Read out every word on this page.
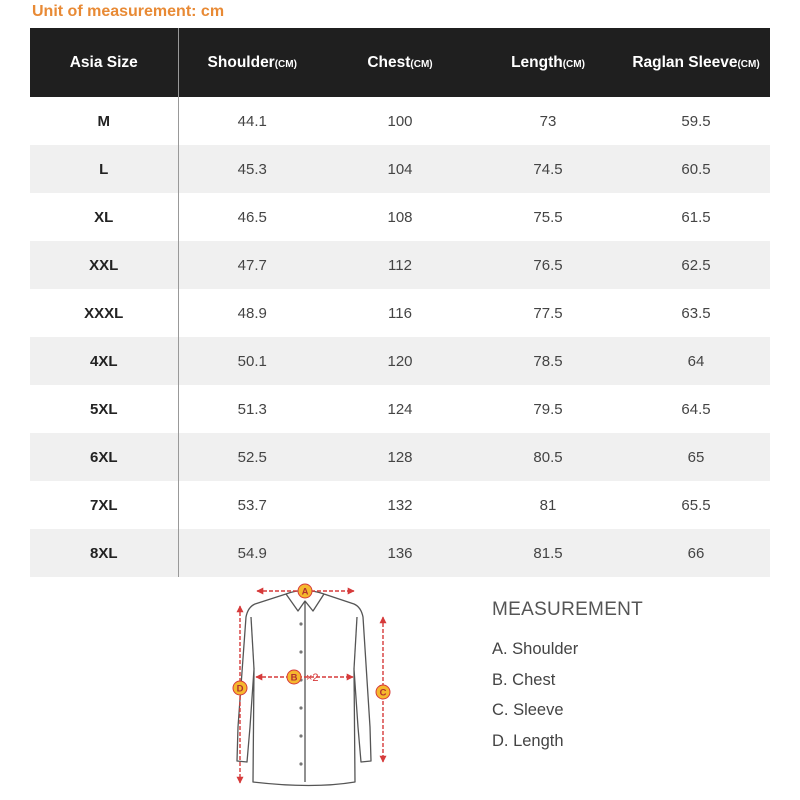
Unit of measurement: cm
Asia Size	Shoulder(CM)	Chest(CM)	Length(CM)	Raglan Sleeve(CM)
M	44.1	100	73	59.5
L	45.3	104	74.5	60.5
XL	46.5	108	75.5	61.5
XXL	47.7	112	76.5	62.5
XXXL	48.9	116	77.5	63.5
4XL	50.1	120	78.5	64
5XL	51.3	124	79.5	64.5
6XL	52.5	128	80.5	65
7XL	53.7	132	81	65.5
8XL	54.9	136	81.5	66
A
B ×2
C
D
MEASUREMENT
A. Shoulder
B. Chest
C. Sleeve
D. Length
